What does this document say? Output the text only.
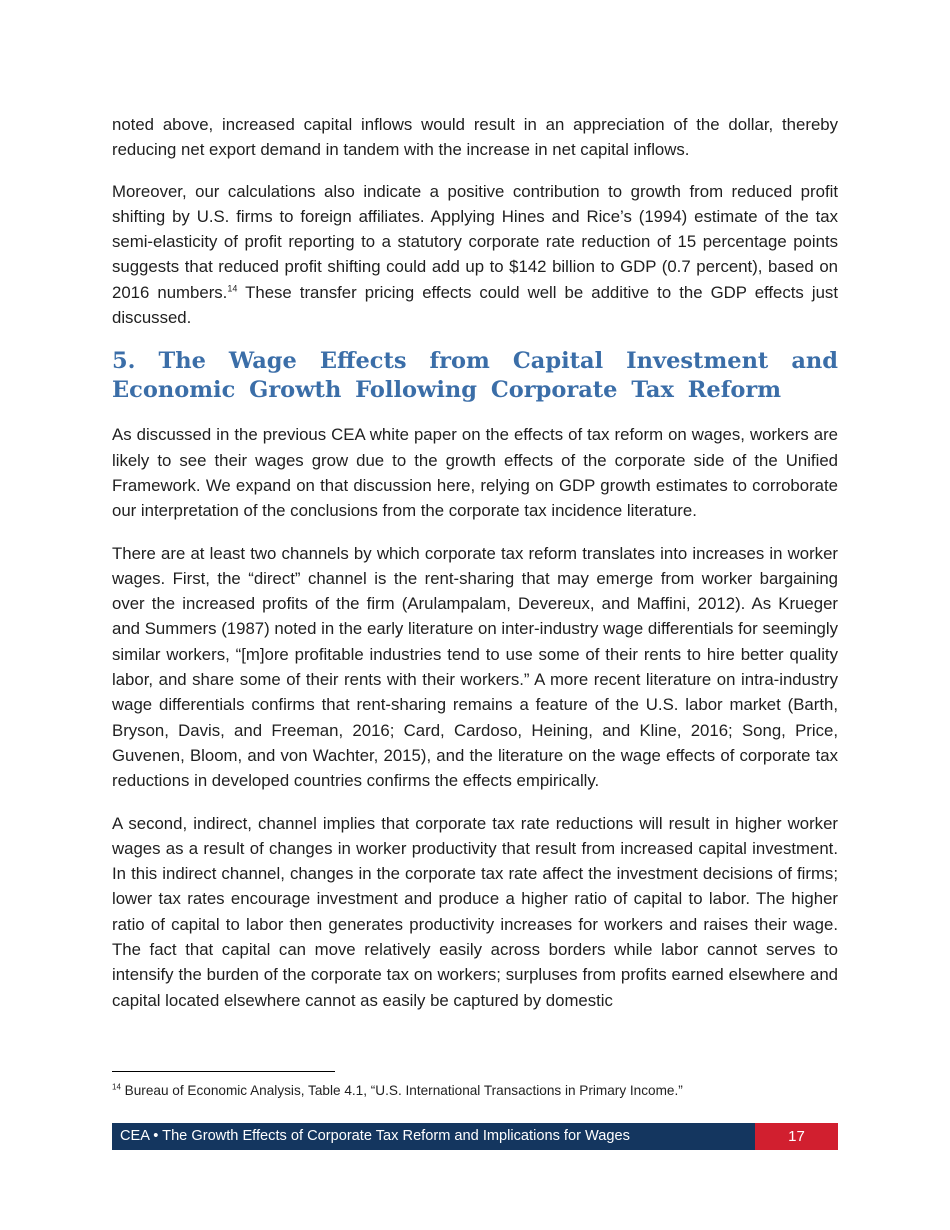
noted above, increased capital inflows would result in an appreciation of the dollar, thereby reducing net export demand in tandem with the increase in net capital inflows.

Moreover, our calculations also indicate a positive contribution to growth from reduced profit shifting by U.S. firms to foreign affiliates. Applying Hines and Rice’s (1994) estimate of the tax semi-elasticity of profit reporting to a statutory corporate rate reduction of 15 percentage points suggests that reduced profit shifting could add up to $142 billion to GDP (0.7 percent), based on 2016 numbers.$^{14}$ These transfer pricing effects could well be additive to the GDP effects just discussed.

5. The Wage Effects from Capital Investment and Economic Growth Following Corporate Tax Reform

As discussed in the previous CEA white paper on the effects of tax reform on wages, workers are likely to see their wages grow due to the growth effects of the corporate side of the Unified Framework. We expand on that discussion here, relying on GDP growth estimates to corroborate our interpretation of the conclusions from the corporate tax incidence literature.

There are at least two channels by which corporate tax reform translates into increases in worker wages. First, the “direct” channel is the rent-sharing that may emerge from worker bargaining over the increased profits of the firm (Arulampalam, Devereux, and Maffini, 2012). As Krueger and Summers (1987) noted in the early literature on inter-industry wage differentials for seemingly similar workers, “[m]ore profitable industries tend to use some of their rents to hire better quality labor, and share some of their rents with their workers.” A more recent literature on intra-industry wage differentials confirms that rent-sharing remains a feature of the U.S. labor market (Barth, Bryson, Davis, and Freeman, 2016; Card, Cardoso, Heining, and Kline, 2016; Song, Price, Guvenen, Bloom, and von Wachter, 2015), and the literature on the wage effects of corporate tax reductions in developed countries confirms the effects empirically.

A second, indirect, channel implies that corporate tax rate reductions will result in higher worker wages as a result of changes in worker productivity that result from increased capital investment. In this indirect channel, changes in the corporate tax rate affect the investment decisions of firms; lower tax rates encourage investment and produce a higher ratio of capital to labor. The higher ratio of capital to labor then generates productivity increases for workers and raises their wage. The fact that capital can move relatively easily across borders while labor cannot serves to intensify the burden of the corporate tax on workers; surpluses from profits earned elsewhere and capital located elsewhere cannot as easily be captured by domestic

$^{14}$ Bureau of Economic Analysis, Table 4.1, “U.S. International Transactions in Primary Income.”
CEA • The Growth Effects of Corporate Tax Reform and Implications for Wages	17
